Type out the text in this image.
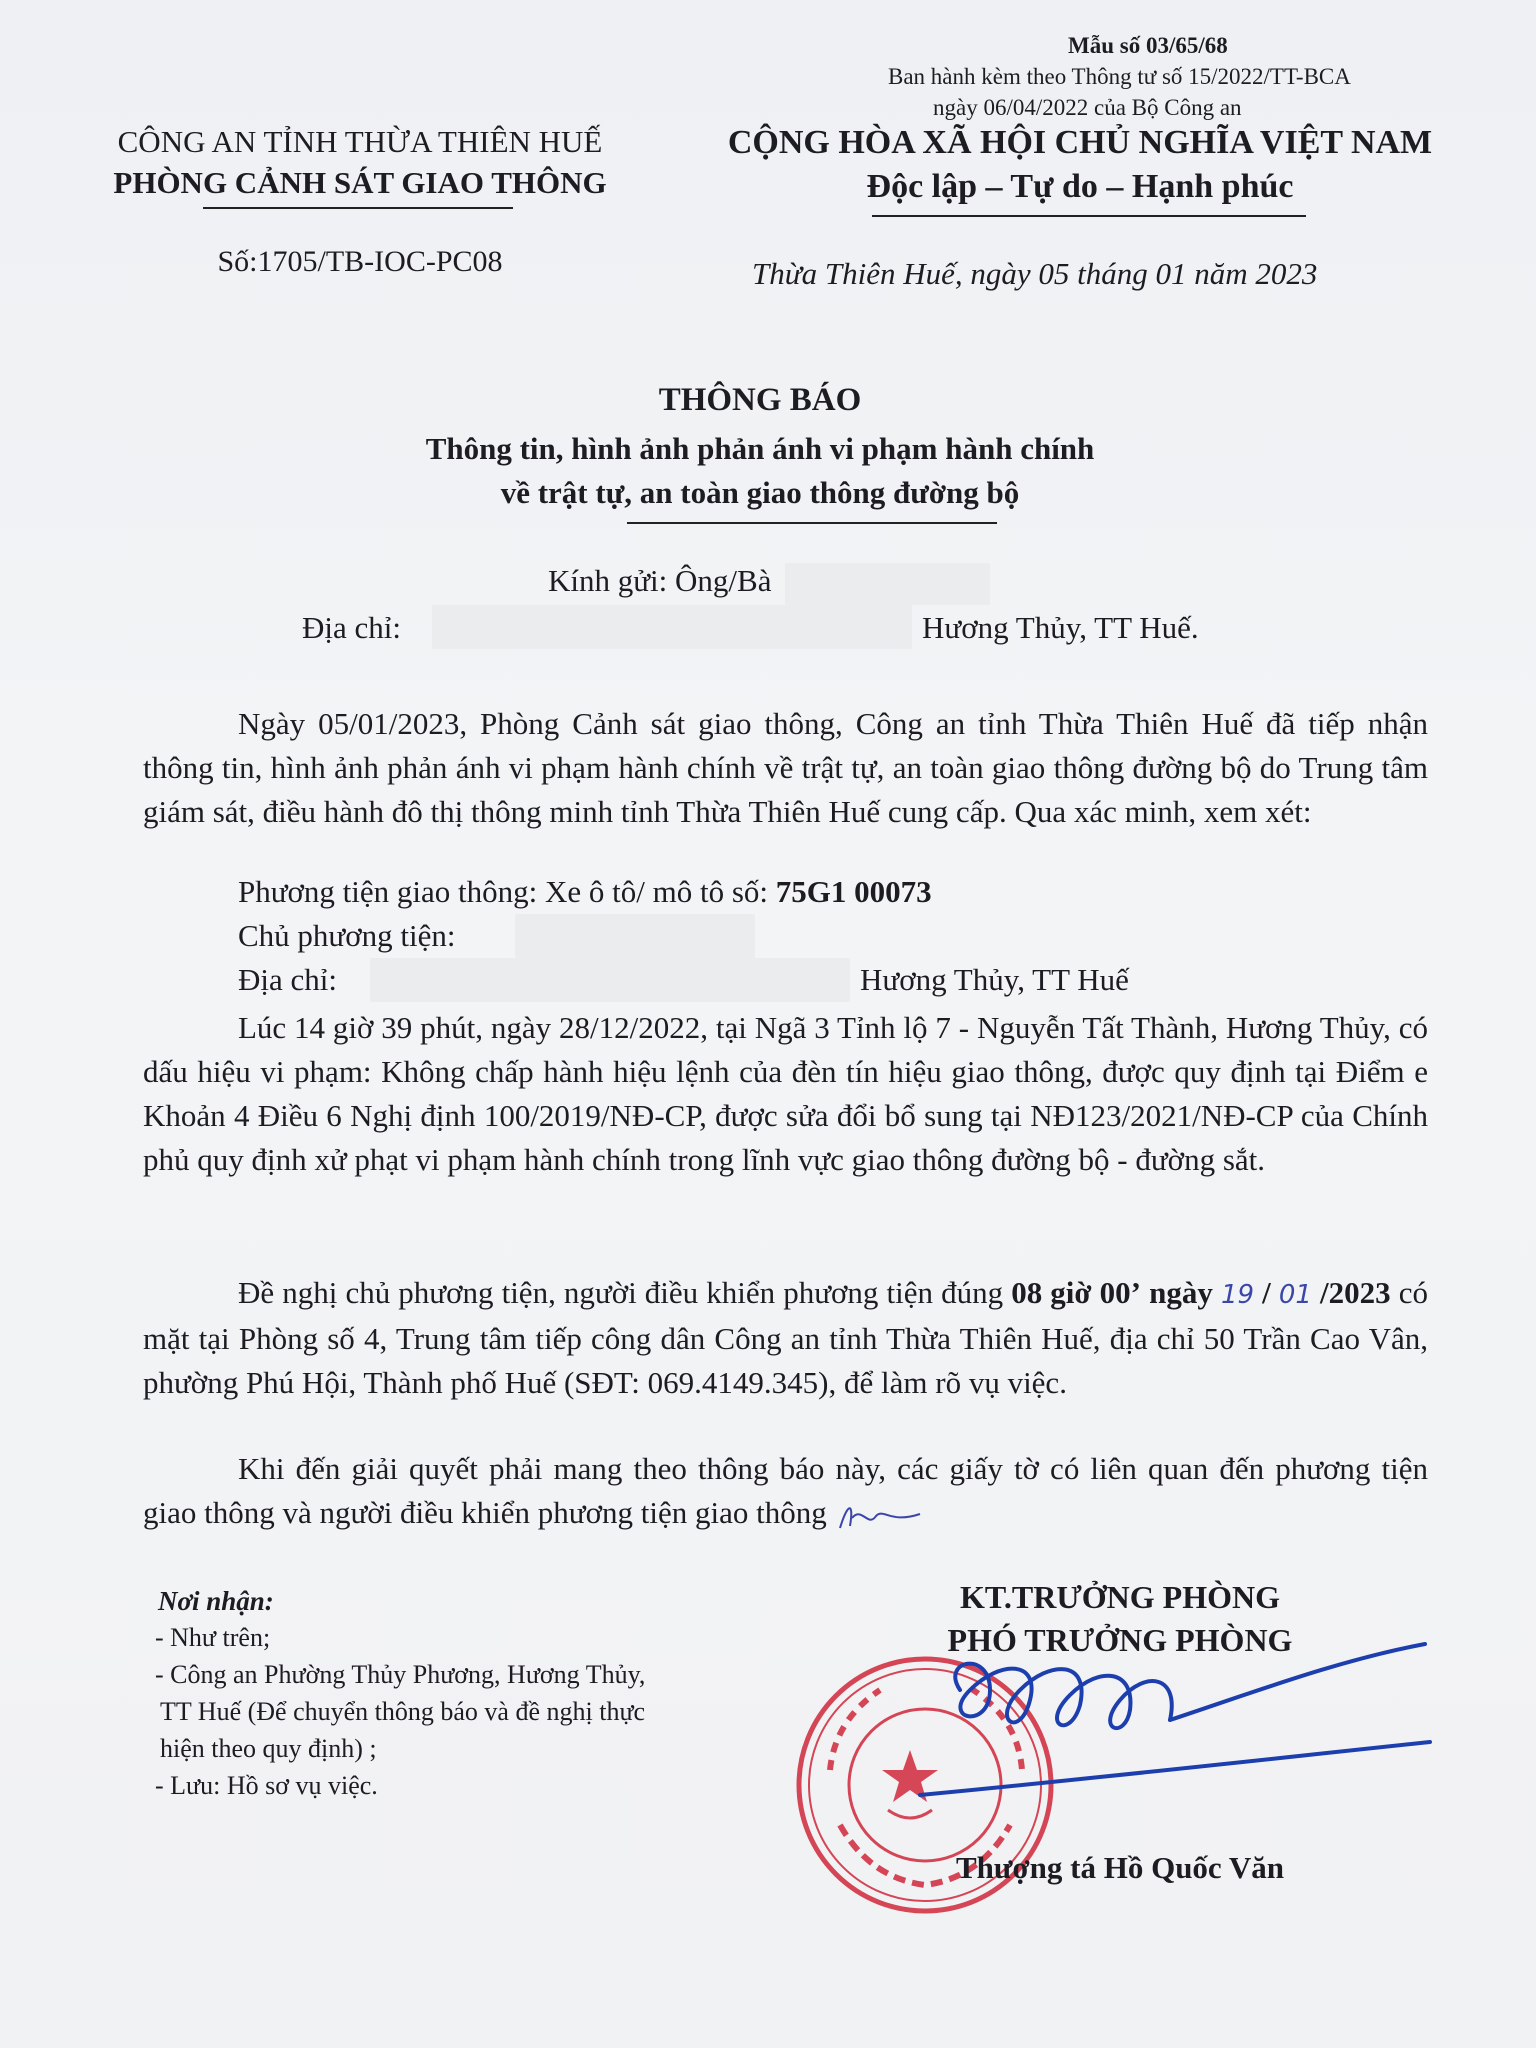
Mẫu số 03/65/68
Ban hành kèm theo Thông tư số 15/2022/TT-BCA
ngày 06/04/2022 của Bộ Công an
CÔNG AN TỈNH THỪA THIÊN HUẾ
PHÒNG CẢNH SÁT GIAO THÔNG
Số:1705/TB-IOC-PC08
CỘNG HÒA XÃ HỘI CHỦ NGHĨA VIỆT NAM
Độc lập – Tự do – Hạnh phúc
Thừa Thiên Huế, ngày 05 tháng 01 năm 2023
THÔNG BÁO
Thông tin, hình ảnh phản ánh vi phạm hành chính
về trật tự, an toàn giao thông đường bộ
Kính gửi: Ông/Bà
Địa chỉ:	Hương Thủy, TT Huế.
Ngày 05/01/2023, Phòng Cảnh sát giao thông, Công an tỉnh Thừa Thiên Huế đã tiếp nhận thông tin, hình ảnh phản ánh vi phạm hành chính về trật tự, an toàn giao thông đường bộ do Trung tâm giám sát, điều hành đô thị thông minh tỉnh Thừa Thiên Huế cung cấp. Qua xác minh, xem xét:
Phương tiện giao thông: Xe ô tô/ mô tô số: 75G1 00073
Chủ phương tiện:
Địa chỉ:	Hương Thủy, TT Huế
Lúc 14 giờ 39 phút, ngày 28/12/2022, tại Ngã 3 Tỉnh lộ 7 - Nguyễn Tất Thành, Hương Thủy, có dấu hiệu vi phạm: Không chấp hành hiệu lệnh của đèn tín hiệu giao thông, được quy định tại Điểm e Khoản 4 Điều 6 Nghị định 100/2019/NĐ-CP, được sửa đổi bổ sung tại NĐ123/2021/NĐ-CP của Chính phủ quy định xử phạt vi phạm hành chính trong lĩnh vực giao thông đường bộ - đường sắt.
Đề nghị chủ phương tiện, người điều khiển phương tiện đúng 08 giờ 00’ ngày 19 / 01 /2023 có mặt tại Phòng số 4, Trung tâm tiếp công dân Công an tỉnh Thừa Thiên Huế, địa chỉ 50 Trần Cao Vân, phường Phú Hội, Thành phố Huế (SĐT: 069.4149.345), để làm rõ vụ việc.
Khi đến giải quyết phải mang theo thông báo này, các giấy tờ có liên quan đến phương tiện giao thông và người điều khiển phương tiện giao thông
Nơi nhận:
- Như trên;
- Công an Phường Thủy Phương, Hương Thủy,
TT Huế (Để chuyển thông báo và đề nghị thực
hiện theo quy định) ;
- Lưu: Hồ sơ vụ việc.
KT.TRƯỞNG PHÒNG
PHÓ TRƯỞNG PHÒNG
Thượng tá Hồ Quốc Văn
